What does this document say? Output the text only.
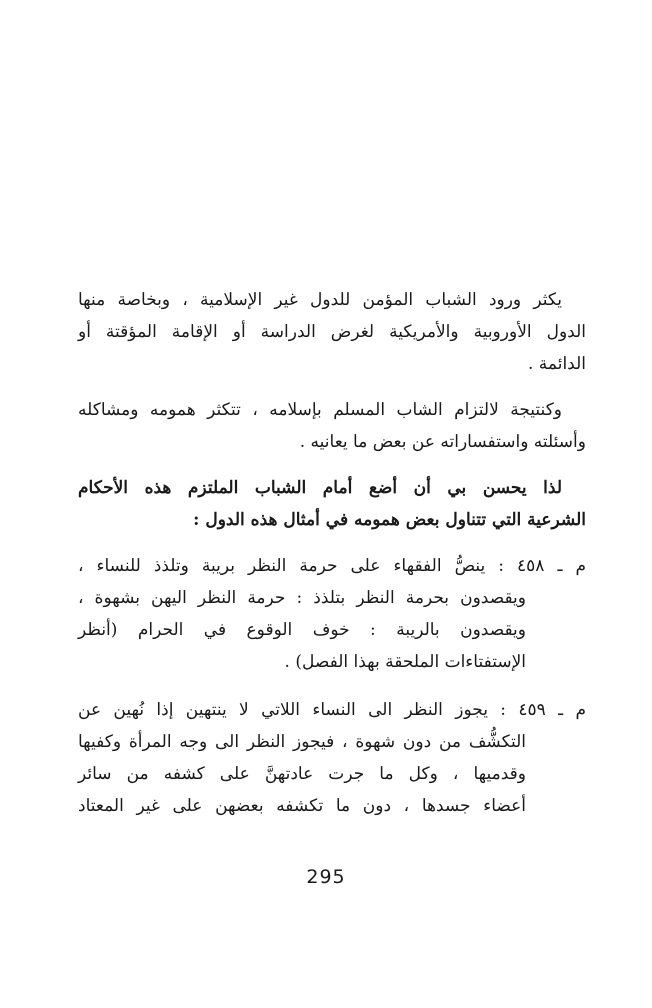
يكثر ورود الشباب المؤمن للدول غير الإسلامية ، وبخاصة منها
الدول الأوروبية والأمريكية لغرض الدراسة أو الإقامة المؤقتة أو
الدائمة .
وكنتيجة لالتزام الشاب المسلم بإسلامه ، تتكثر همومه ومشاكله
وأسئلته واستفساراته عن بعض ما يعانيه .
لذا يحسن بي أن أضع أمام الشباب الملتزم هذه الأحكام
الشرعية التي تتناول بعض همومه في أمثال هذه الدول :
م ـ ٤٥٨ : ينصُّ الفقهاء على حرمة النظر بريبة وتلذذ للنساء ،
ويقصدون بحرمة النظر بتلذذ : حرمة النظر اليهن بشهوة ،
ويقصدون بالريبة : خوف الوقوع في الحرام (أنظر
الإستفتاءات الملحقة بهذا الفصل) .
م ـ ٤٥٩ : يجوز النظر الى النساء اللاتي لا ينتهين إذا نُهين عن
التكشُّف من دون شهوة ، فيجوز النظر الى وجه المرأة وكفيها
وقدميها ، وكل ما جرت عادتهنَّ على كشفه من سائر
أعضاء جسدها ، دون ما تكشفه بعضهن على غير المعتاد
295
